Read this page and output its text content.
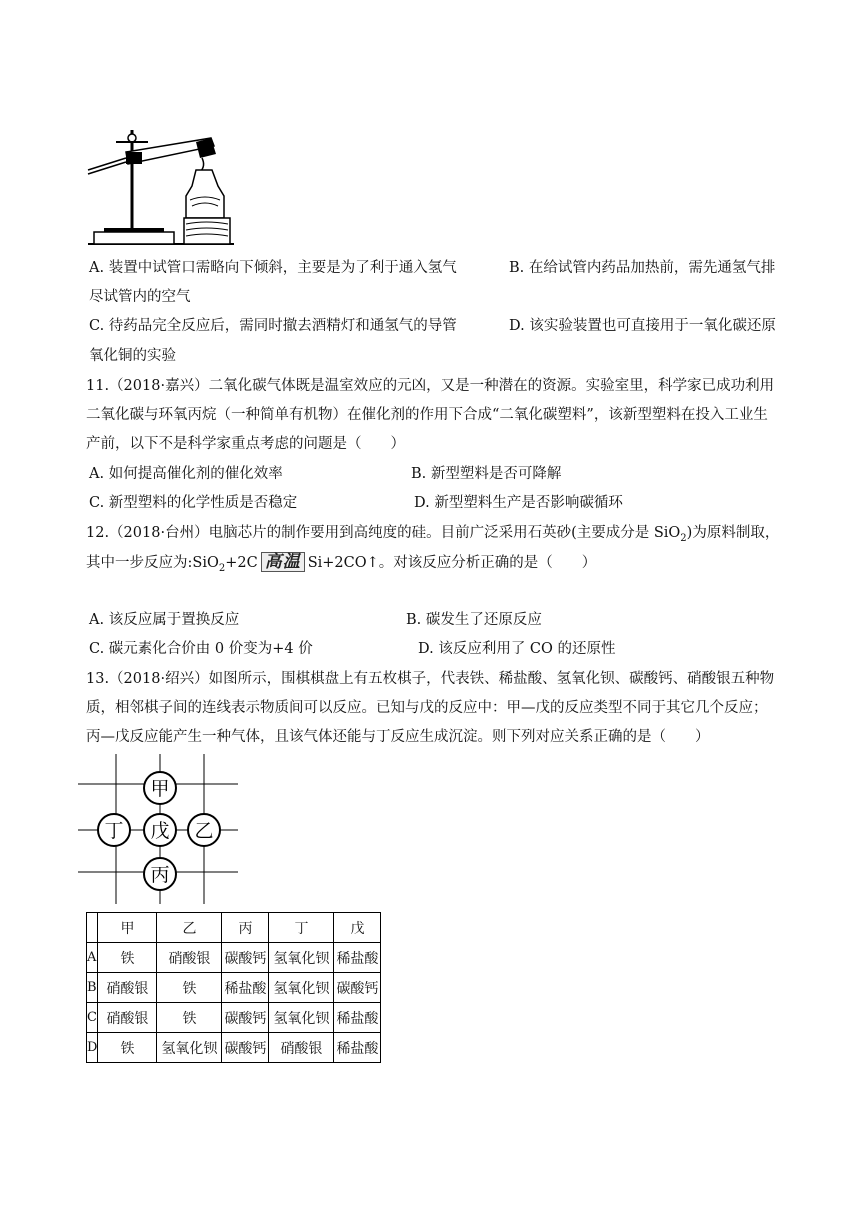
A. 装置中试管口需略向下倾斜，主要是为了利于通入氢气	B. 在给试管内药品加热前，需先通氢气排
尽试管内的空气
C. 待药品完全反应后，需同时撤去酒精灯和通氢气的导管	D. 该实验装置也可直接用于一氧化碳还原
氧化铜的实验
11.（2018·嘉兴）二氧化碳气体既是温室效应的元凶，又是一种潜在的资源。实验室里，科学家已成功利用
二氧化碳与环氧丙烷（一种简单有机物）在催化剂的作用下合成“二氧化碳塑料”，该新型塑料在投入工业生
产前，以下不是科学家重点考虑的问题是（　　）
A. 如何提高催化剂的催化效率	B. 新型塑料是否可降解
C. 新型塑料的化学性质是否稳定	D. 新型塑料生产是否影响碳循环
12.（2018·台州）电脑芯片的制作要用到高纯度的硅。目前广泛采用石英砂(主要成分是 SiO$_2$)为原料制取，
其中一步反应为:SiO$_2$+2C 高温 Si+2CO↑。对该反应分析正确的是（　　）
A. 该反应属于置换反应	B. 碳发生了还原反应
C. 碳元素化合价由 0 价变为+4 价	D. 该反应利用了 CO 的还原性
13.（2018·绍兴）如图所示，围棋棋盘上有五枚棋子，代表铁、稀盐酸、氢氧化钡、碳酸钙、硝酸银五种物
质，相邻棋子间的连线表示物质间可以反应。已知与戊的反应中：甲—戊的反应类型不同于其它几个反应；
丙—戊反应能产生一种气体，且该气体还能与丁反应生成沉淀。则下列对应关系正确的是（　　）
甲
丁 戊 乙
丙
	甲	乙	丙	丁	戊
A	铁	硝酸银	碳酸钙	氢氧化钡	稀盐酸
B	硝酸银	铁	稀盐酸	氢氧化钡	碳酸钙
C	硝酸银	铁	碳酸钙	氢氧化钡	稀盐酸
D	铁	氢氧化钡	碳酸钙	硝酸银	稀盐酸
